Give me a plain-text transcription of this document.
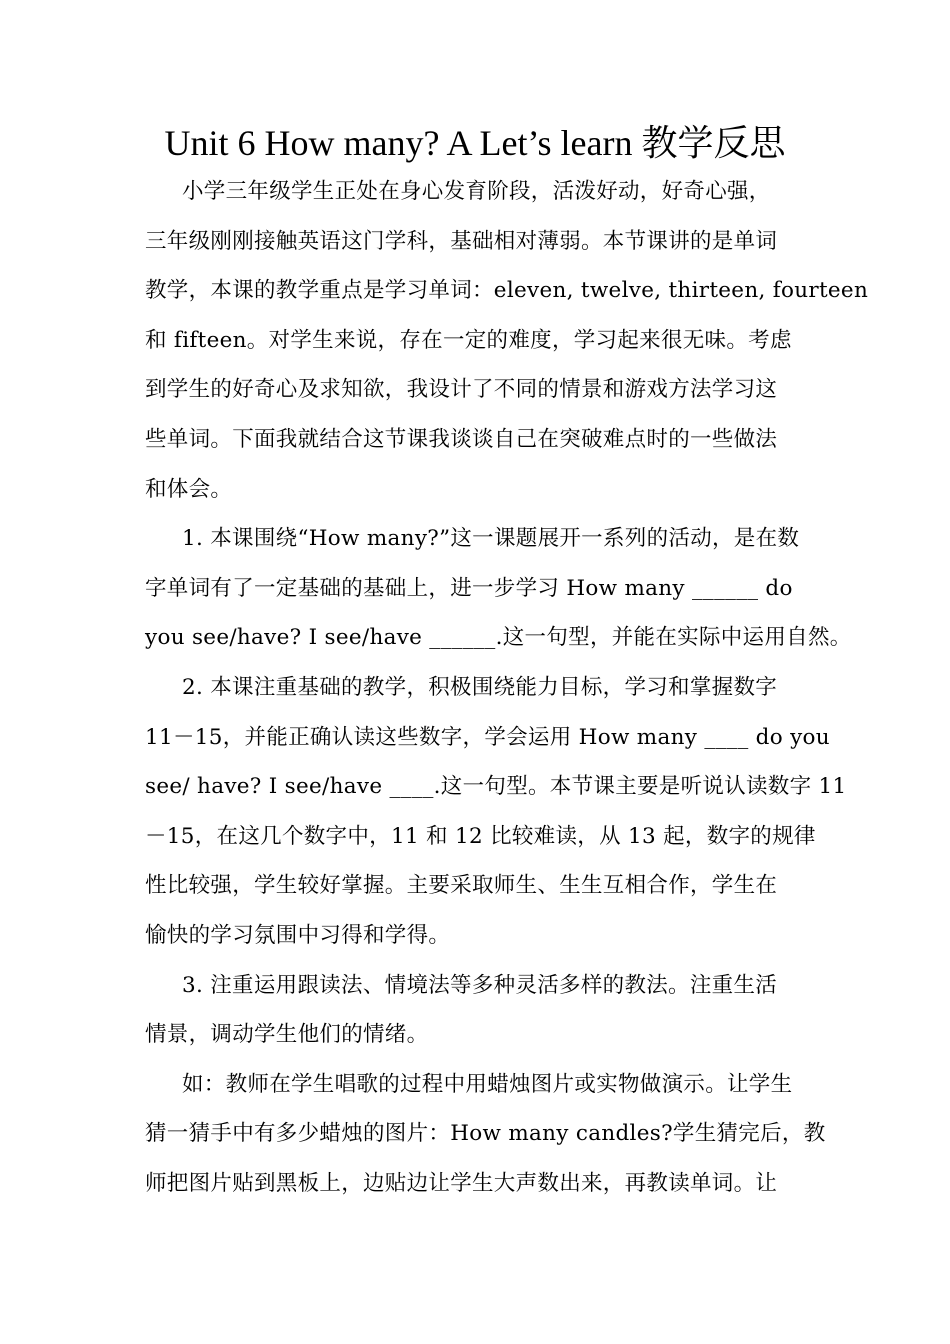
Unit 6 How many? A Let’s learn 教学反思
小学三年级学生正处在身心发育阶段，活泼好动，好奇心强，
三年级刚刚接触英语这门学科，基础相对薄弱。本节课讲的是单词
教学，本课的教学重点是学习单词：eleven, twelve, thirteen, fourteen
和 fifteen。对学生来说，存在一定的难度，学习起来很无味。考虑
到学生的好奇心及求知欲，我设计了不同的情景和游戏方法学习这
些单词。下面我就结合这节课我谈谈自己在突破难点时的一些做法
和体会。
1. 本课围绕“How many?”这一课题展开一系列的活动，是在数
字单词有了一定基础的基础上，进一步学习 How many ______ do
you see/have? I see/have ______.这一句型，并能在实际中运用自然。
2. 本课注重基础的教学，积极围绕能力目标，学习和掌握数字
11－15，并能正确认读这些数字，学会运用 How many ____ do you
see/ have? I see/have ____.这一句型。本节课主要是听说认读数字 11
－15，在这几个数字中，11 和 12 比较难读，从 13 起，数字的规律
性比较强，学生较好掌握。主要采取师生、生生互相合作，学生在
愉快的学习氛围中习得和学得。
3. 注重运用跟读法、情境法等多种灵活多样的教法。注重生活
情景，调动学生他们的情绪。
如：教师在学生唱歌的过程中用蜡烛图片或实物做演示。让学生
猜一猜手中有多少蜡烛的图片：How many candles?学生猜完后，教
师把图片贴到黑板上，边贴边让学生大声数出来，再教读单词。让
